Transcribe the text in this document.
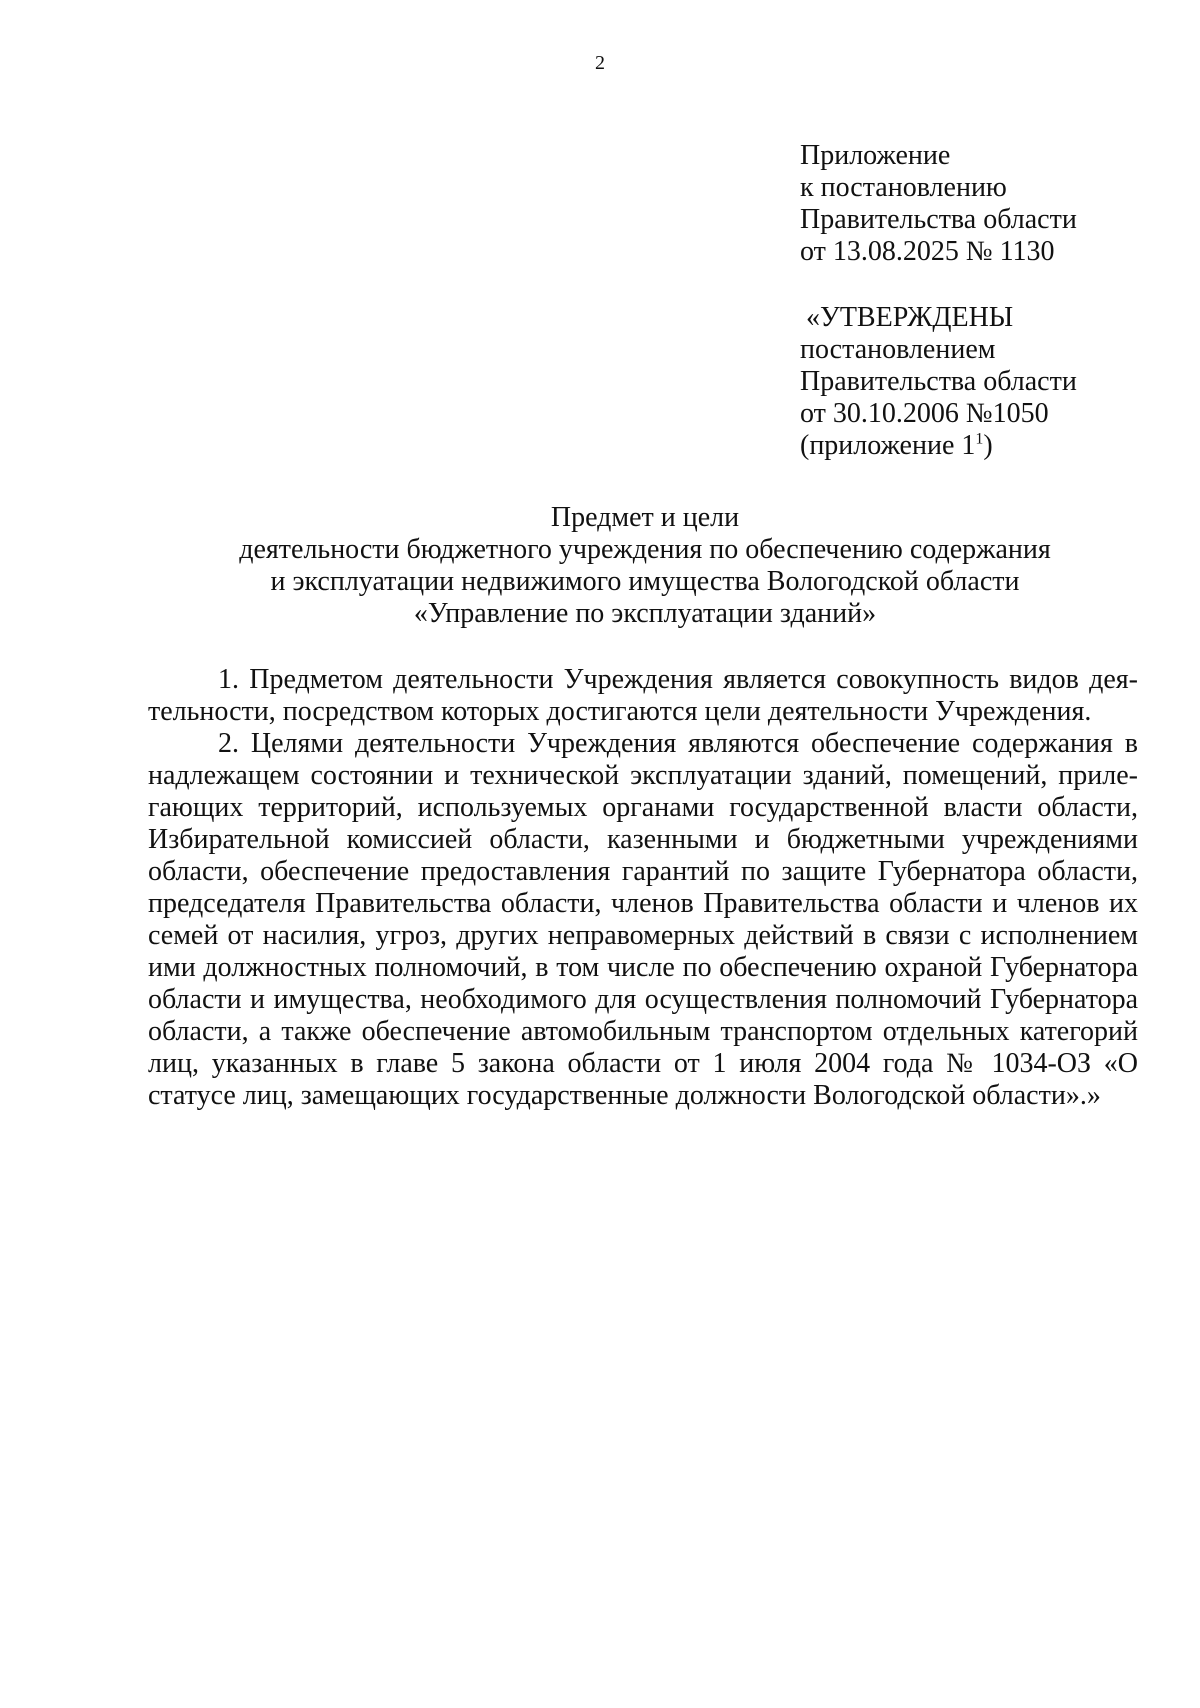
2
Приложение
к постановлению
Правительства области
от 13.08.2025 № 1130
«УТВЕРЖДЕНЫ
постановлением
Правительства области
от 30.10.2006 №1050
(приложение $1^1$)
Предмет и цели
деятельности бюджетного учреждения по обеспечению содержания
и эксплуатации недвижимого имущества Вологодской области
«Управление по эксплуатации зданий»

1. Предметом деятельности Учреждения является совокупность видов деятельности, посредством которых достигаются цели деятельности Учреждения.

2. Целями деятельности Учреждения являются обеспечение содержания в надлежащем состоянии и технической эксплуатации зданий, помещений, прилегающих территорий, используемых органами государственной власти области, Избирательной комиссией области, казенными и бюджетными учреждениями области, обеспечение предоставления гарантий по защите Губернатора области, председателя Правительства области, членов Правительства области и членов их семей от насилия, угроз, других неправомерных действий в связи с исполнением ими должностных полномочий, в том числе по обеспечению охраной Губернатора области и имущества, необходимого для осуществления полномочий Губернатора области, а также обеспечение автомобильным транспортом отдельных категорий лиц, указанных в главе 5 закона области от 1 июля 2004 года № 1034-ОЗ «О статусе лиц, замещающих государственные должности Вологодской области».»
